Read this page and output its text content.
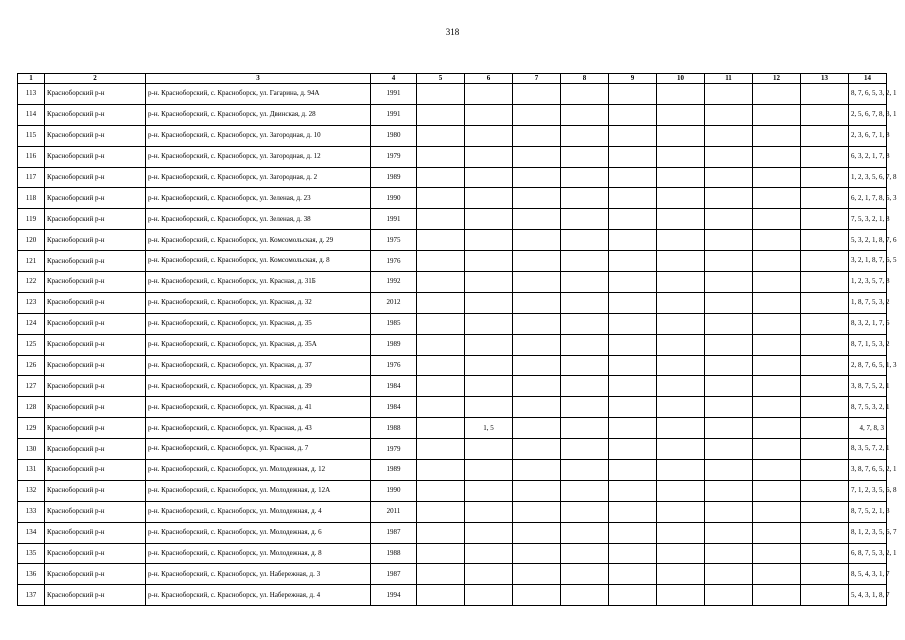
318
1	2	3	4	5	6	7	8	9	10	11	12	13	14
113	Красноборский р-н	р-н. Красноборский, с. Красноборск, ул. Гагарина, д. 94А	1991										8, 7, 6, 5, 3, 2, 1
114	Красноборский р-н	р-н. Красноборский, с. Красноборск, ул. Двинская, д. 28	1991										2, 5, 6, 7, 8, 3, 1
115	Красноборский р-н	р-н. Красноборский, с. Красноборск, ул. Загородная, д. 10	1980										2, 3, 6, 7, 1, 8
116	Красноборский р-н	р-н. Красноборский, с. Красноборск, ул. Загородная, д. 12	1979										6, 3, 2, 1, 7, 8
117	Красноборский р-н	р-н. Красноборский, с. Красноборск, ул. Загородная, д. 2	1989										1, 2, 3, 5, 6, 7, 8
118	Красноборский р-н	р-н. Красноборский, с. Красноборск, ул. Зеленая, д. 23	1990										6, 2, 1, 7, 8, 5, 3
119	Красноборский р-н	р-н. Красноборский, с. Красноборск, ул. Зеленая, д. 38	1991										7, 5, 3, 2, 1, 8
120	Красноборский р-н	р-н. Красноборский, с. Красноборск, ул. Комсомольская, д. 29	1975										5, 3, 2, 1, 8, 7, 6
121	Красноборский р-н	р-н. Красноборский, с. Красноборск, ул. Комсомольская, д. 8	1976										3, 2, 1, 8, 7, 6, 5
122	Красноборский р-н	р-н. Красноборский, с. Красноборск, ул. Красная, д. 31Б	1992										1, 2, 3, 5, 7, 8
123	Красноборский р-н	р-н. Красноборский, с. Красноборск, ул. Красная, д. 32	2012										1, 8, 7, 5, 3, 2
124	Красноборский р-н	р-н. Красноборский, с. Красноборск, ул. Красная, д. 35	1985										8, 3, 2, 1, 7, 5
125	Красноборский р-н	р-н. Красноборский, с. Красноборск, ул. Красная, д. 35А	1989										8, 7, 1, 5, 3, 2
126	Красноборский р-н	р-н. Красноборский, с. Красноборск, ул. Красная, д. 37	1976										2, 8, 7, 6, 5, 1, 3
127	Красноборский р-н	р-н. Красноборский, с. Красноборск, ул. Красная, д. 39	1984										3, 8, 7, 5, 2, 1
128	Красноборский р-н	р-н. Красноборский, с. Красноборск, ул. Красная, д. 41	1984										8, 7, 5, 3, 2, 1
129	Красноборский р-н	р-н. Красноборский, с. Красноборск, ул. Красная, д. 43	1988		1, 5								4, 7, 8, 3
130	Красноборский р-н	р-н. Красноборский, с. Красноборск, ул. Красная, д. 7	1979										8, 3, 5, 7, 2, 1
131	Красноборский р-н	р-н. Красноборский, с. Красноборск, ул. Молодежная, д. 12	1989										3, 8, 7, 6, 5, 2, 1
132	Красноборский р-н	р-н. Красноборский, с. Красноборск, ул. Молодежная, д. 12А	1990										7, 1, 2, 3, 5, 6, 8
133	Красноборский р-н	р-н. Красноборский, с. Красноборск, ул. Молодежная, д. 4	2011										8, 7, 5, 2, 1, 3
134	Красноборский р-н	р-н. Красноборский, с. Красноборск, ул. Молодежная, д. 6	1987										8, 1, 2, 3, 5, 6, 7
135	Красноборский р-н	р-н. Красноборский, с. Красноборск, ул. Молодежная, д. 8	1988										6, 8, 7, 5, 3, 2, 1
136	Красноборский р-н	р-н. Красноборский, с. Красноборск, ул. Набережная, д. 3	1987										8, 5, 4, 3, 1, 7
137	Красноборский р-н	р-н. Красноборский, с. Красноборск, ул. Набережная, д. 4	1994										5, 4, 3, 1, 8, 7
